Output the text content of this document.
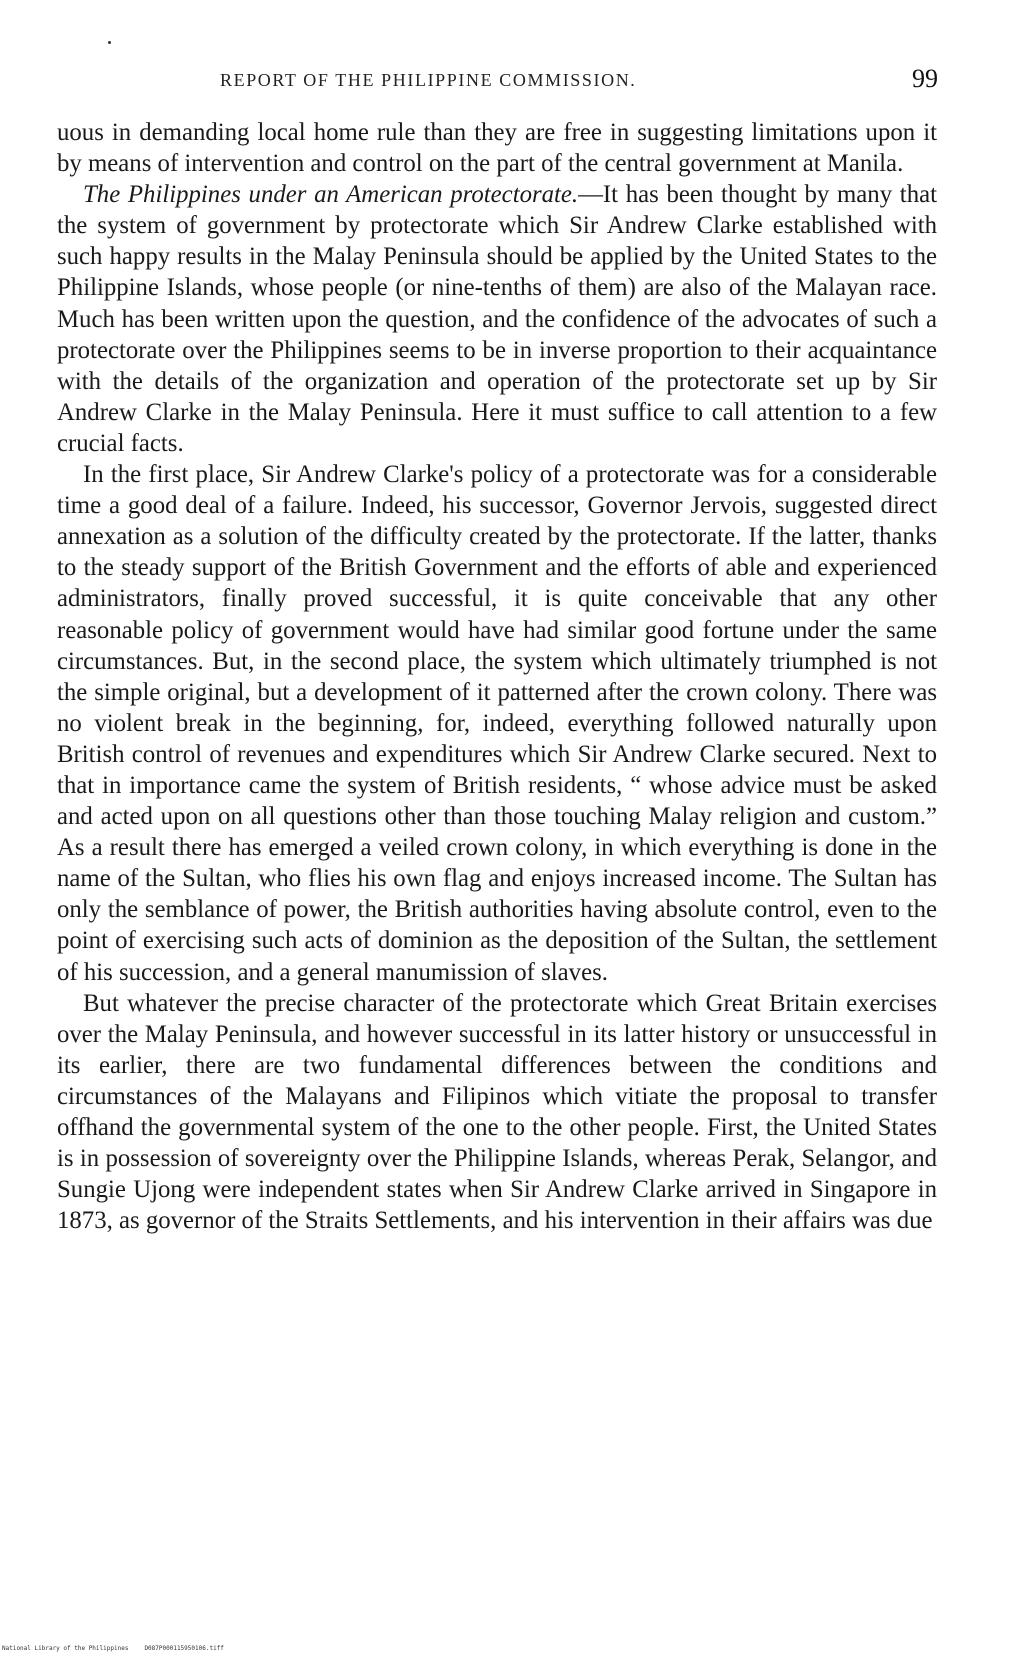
REPORT OF THE PHILIPPINE COMMISSION.	99

uous in demanding local home rule than they are free in suggesting limitations upon it by means of intervention and control on the part of the central government at Manila.

The Philippines under an American protectorate.—It has been thought by many that the system of government by protectorate which Sir Andrew Clarke established with such happy results in the Malay Peninsula should be applied by the United States to the Philippine Islands, whose people (or nine-tenths of them) are also of the Malayan race. Much has been written upon the question, and the confidence of the advocates of such a protectorate over the Philippines seems to be in inverse proportion to their acquaintance with the details of the organization and operation of the protectorate set up by Sir Andrew Clarke in the Malay Peninsula. Here it must suffice to call attention to a few crucial facts.

In the first place, Sir Andrew Clarke's policy of a protectorate was for a considerable time a good deal of a failure. Indeed, his successor, Governor Jervois, suggested direct annexation as a solution of the difficulty created by the protectorate. If the latter, thanks to the steady support of the British Government and the efforts of able and experienced administrators, finally proved successful, it is quite conceivable that any other reasonable policy of government would have had similar good fortune under the same circumstances. But, in the second place, the system which ultimately triumphed is not the simple original, but a development of it patterned after the crown colony. There was no violent break in the beginning, for, indeed, everything followed naturally upon British control of revenues and expenditures which Sir Andrew Clarke secured. Next to that in importance came the system of British residents, “ whose advice must be asked and acted upon on all questions other than those touching Malay religion and custom.” As a result there has emerged a veiled crown colony, in which everything is done in the name of the Sultan, who flies his own flag and enjoys increased income. The Sultan has only the semblance of power, the British authorities having absolute control, even to the point of exercising such acts of dominion as the deposition of the Sultan, the settlement of his succession, and a general manumission of slaves.

But whatever the precise character of the protectorate which Great Britain exercises over the Malay Peninsula, and however successful in its latter history or unsuccessful in its earlier, there are two fundamental differences between the conditions and circumstances of the Malayans and Filipinos which vitiate the proposal to transfer offhand the governmental system of the one to the other people. First, the United States is in possession of sovereignty over the Philippine Islands, whereas Perak, Selangor, and Sungie Ujong were independent states when Sir Andrew Clarke arrived in Singapore in 1873, as governor of the Straits Settlements, and his intervention in their affairs was due

National Library of the Philippines	D087P000115950106.tiff
